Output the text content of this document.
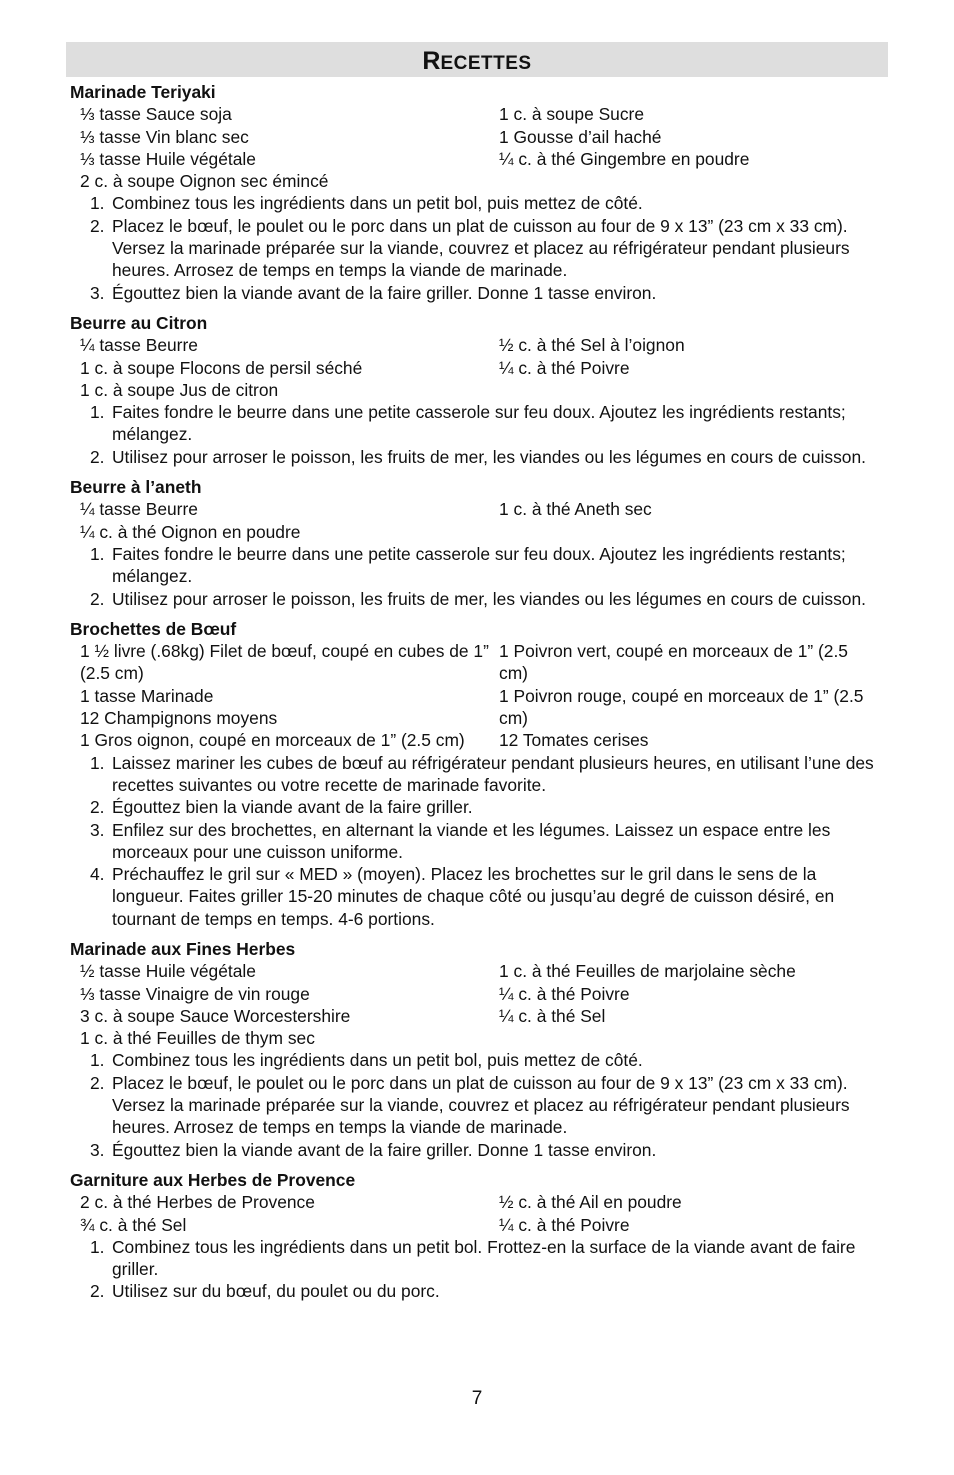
RECETTES
Marinade Teriyaki
⅓ tasse Sauce soja
⅓ tasse Vin blanc sec
⅓ tasse Huile végétale
1 c. à soupe Sucre
1 Gousse d’ail haché
¼ c. à thé Gingembre en poudre
2 c. à soupe Oignon sec émincé
1. Combinez tous les ingrédients dans un petit bol, puis mettez de côté.
2. Placez le bœuf, le poulet ou le porc dans un plat de cuisson au four de 9 x 13” (23 cm x 33 cm). Versez la marinade préparée sur la viande, couvrez et placez au réfrigérateur pendant plusieurs heures. Arrosez de temps en temps la viande de marinade.
3. Égouttez bien la viande avant de la faire griller. Donne 1 tasse environ.
Beurre au Citron
¼ tasse Beurre
1 c. à soupe Flocons de persil séché
½ c. à thé Sel à l’oignon
¼ c. à thé Poivre
1 c. à soupe Jus de citron
1. Faites fondre le beurre dans une petite casserole sur feu doux. Ajoutez les ingrédients restants; mélangez.
2. Utilisez pour arroser le poisson, les fruits de mer, les viandes ou les légumes en cours de cuisson.
Beurre à l’aneth
¼ tasse Beurre	1 c. à thé Aneth sec
¼ c. à thé Oignon en poudre
1. Faites fondre le beurre dans une petite casserole sur feu doux. Ajoutez les ingrédients restants; mélangez.
2. Utilisez pour arroser le poisson, les fruits de mer, les viandes ou les légumes en cours de cuisson.
Brochettes de Bœuf
1 ½ livre (.68kg) Filet de bœuf, coupé en cubes de 1” (2.5 cm)
1 tasse Marinade
12 Champignons moyens
1 Gros oignon, coupé en morceaux de 1” (2.5 cm)
1 Poivron vert, coupé en morceaux de 1” (2.5 cm)
1 Poivron rouge, coupé en morceaux de 1” (2.5 cm)
12 Tomates cerises
1. Laissez mariner les cubes de bœuf au réfrigérateur pendant plusieurs heures, en utilisant l’une des recettes suivantes ou votre recette de marinade favorite.
2. Égouttez bien la viande avant de la faire griller.
3. Enfilez sur des brochettes, en alternant la viande et les légumes. Laissez un espace entre les morceaux pour une cuisson uniforme.
4. Préchauffez le gril sur « MED » (moyen). Placez les brochettes sur le gril dans le sens de la longueur. Faites griller 15-20 minutes de chaque côté ou jusqu’au degré de cuisson désiré, en tournant de temps en temps. 4-6 portions.
Marinade aux Fines Herbes
½ tasse Huile végétale
⅓ tasse Vinaigre de vin rouge
3 c. à soupe Sauce Worcestershire
1 c. à thé Feuilles de marjolaine sèche
¼ c. à thé Poivre
¼ c. à thé Sel
1 c. à thé Feuilles de thym sec
1. Combinez tous les ingrédients dans un petit bol, puis mettez de côté.
2. Placez le bœuf, le poulet ou le porc dans un plat de cuisson au four de 9 x 13” (23 cm x 33 cm). Versez la marinade préparée sur la viande, couvrez et placez au réfrigérateur pendant plusieurs heures. Arrosez de temps en temps la viande de marinade.
3. Égouttez bien la viande avant de la faire griller. Donne 1 tasse environ.
Garniture aux Herbes de Provence
2 c. à thé Herbes de Provence
¾ c. à thé Sel
½ c. à thé Ail en poudre
¼ c. à thé Poivre
1. Combinez tous les ingrédients dans un petit bol. Frottez-en la surface de la viande avant de faire griller.
2. Utilisez sur du bœuf, du poulet ou du porc.
7
